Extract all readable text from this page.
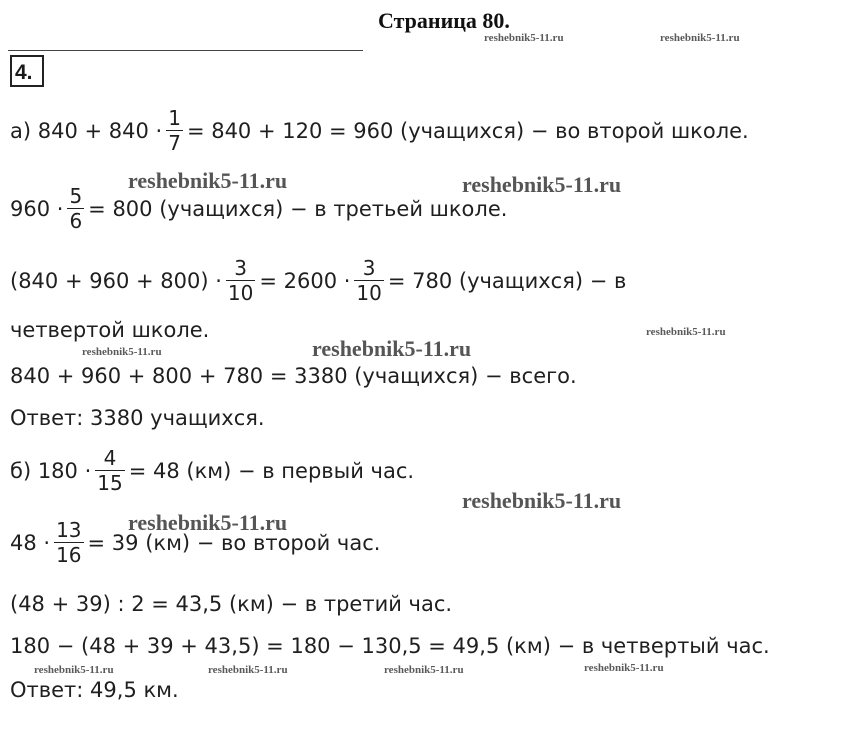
Страница 80.
4.
reshebnik5-11.ru	reshebnik5-11.ru
reshebnik5-11.ru	reshebnik5-11.ru
reshebnik5-11.ru
reshebnik5-11.ru	reshebnik5-11.ru
reshebnik5-11.ru
reshebnik5-11.ru
reshebnik5-11.ru	reshebnik5-11.ru	reshebnik5-11.ru	reshebnik5-11.ru
а) $840 + 840 \cdot \frac{1}{7} = 840 + 120 = 960$ (учащихся) − во второй школе.
$960 \cdot \frac{5}{6} = 800$ (учащихся) − в третьей школе.
$(840 + 960 + 800) \cdot \frac{3}{10} = 2600 \cdot \frac{3}{10} = 780$ (учащихся) − в
четвертой школе.
840 + 960 + 800 + 780 = 3380 (учащихся) − всего.
Ответ: 3380 учащихся.
б) $180 \cdot \frac{4}{15} = 48$ (км) − в первый час.
$48 \cdot \frac{13}{16} = 39$ (км) − во второй час.
(48 + 39) : 2 = 43,5 (км) − в третий час.
180 − (48 + 39 + 43,5) = 180 − 130,5 = 49,5 (км) − в четвертый час.
Ответ: 49,5 км.
